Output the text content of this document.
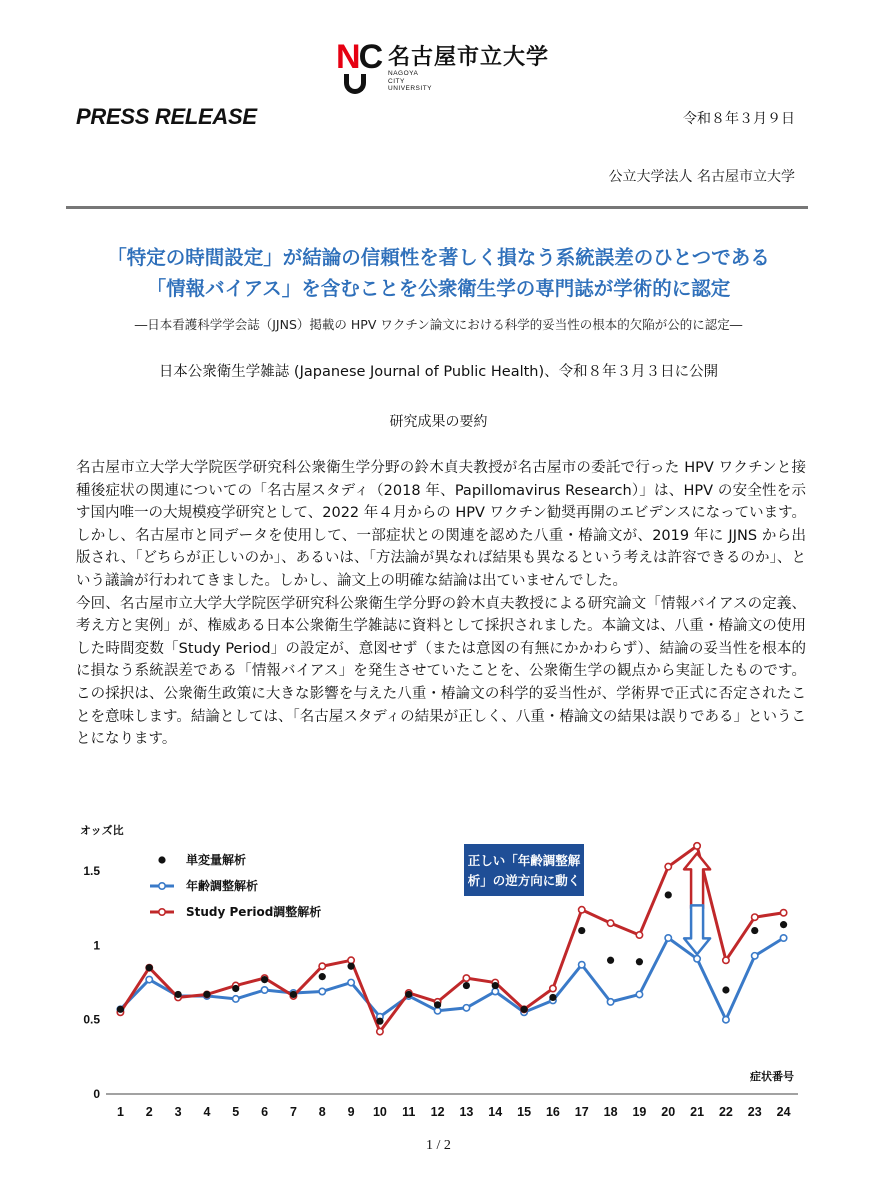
NC 名古屋市立大学
NAGOYA
CITY
UNIVERSITY
PRESS RELEASE	令和８年３月９日
公立大学法人 名古屋市立大学
「特定の時間設定」が結論の信頼性を著しく損なう系統誤差のひとつである
「情報バイアス」を含むことを公衆衛生学の専門誌が学術的に認定
―日本看護科学学会誌（JJNS）掲載の HPV ワクチン論文における科学的妥当性の根本的欠陥が公的に認定―
日本公衆衛生学雑誌 (Japanese Journal of Public Health)、令和８年３月３日に公開
研究成果の要約

名古屋市立大学大学院医学研究科公衆衛生学分野の鈴木貞夫教授が名古屋市の委託で行った HPV ワクチンと接種後症状の関連についての「名古屋スタディ（2018 年、Papillomavirus Research）」は、HPV の安全性を示す国内唯一の大規模疫学研究として、2022 年４月からの HPV ワクチン勧奨再開のエビデンスになっています。しかし、名古屋市と同データを使用して、一部症状との関連を認めた八重・椿論文が、2019 年に JJNS から出版され、「どちらが正しいのか」、あるいは、「方法論が異なれば結果も異なるという考えは許容できるのか」、という議論が行われてきました。しかし、論文上の明確な結論は出ていませんでした。

今回、名古屋市立大学大学院医学研究科公衆衛生学分野の鈴木貞夫教授による研究論文「情報バイアスの定義、考え方と実例」が、権威ある日本公衆衛生学雑誌に資料として採択されました。本論文は、八重・椿論文の使用した時間変数「Study Period」の設定が、意図せず（または意図の有無にかかわらず）、結論の妥当性を根本的に損なう系統誤差である「情報バイアス」を発生させていたことを、公衆衛生学の観点から実証したものです。この採択は、公衆衛生政策に大きな影響を与えた八重・椿論文の科学的妥当性が、学術界で正式に否定されたことを意味します。結論としては、「名古屋スタディの結果が正しく、八重・椿論文の結果は誤りである」ということになります。

0
0.5
1
1.5
オッズ比
1 2 3 4 5 6 7 8 9 10 11 12 13 14 15 16 17 18 19 20 21 22 23 24
症状番号
単変量解析
年齢調整解析
Study Period調整解析
正しい「年齢調整解
析」の逆方向に動く
1 / 2
